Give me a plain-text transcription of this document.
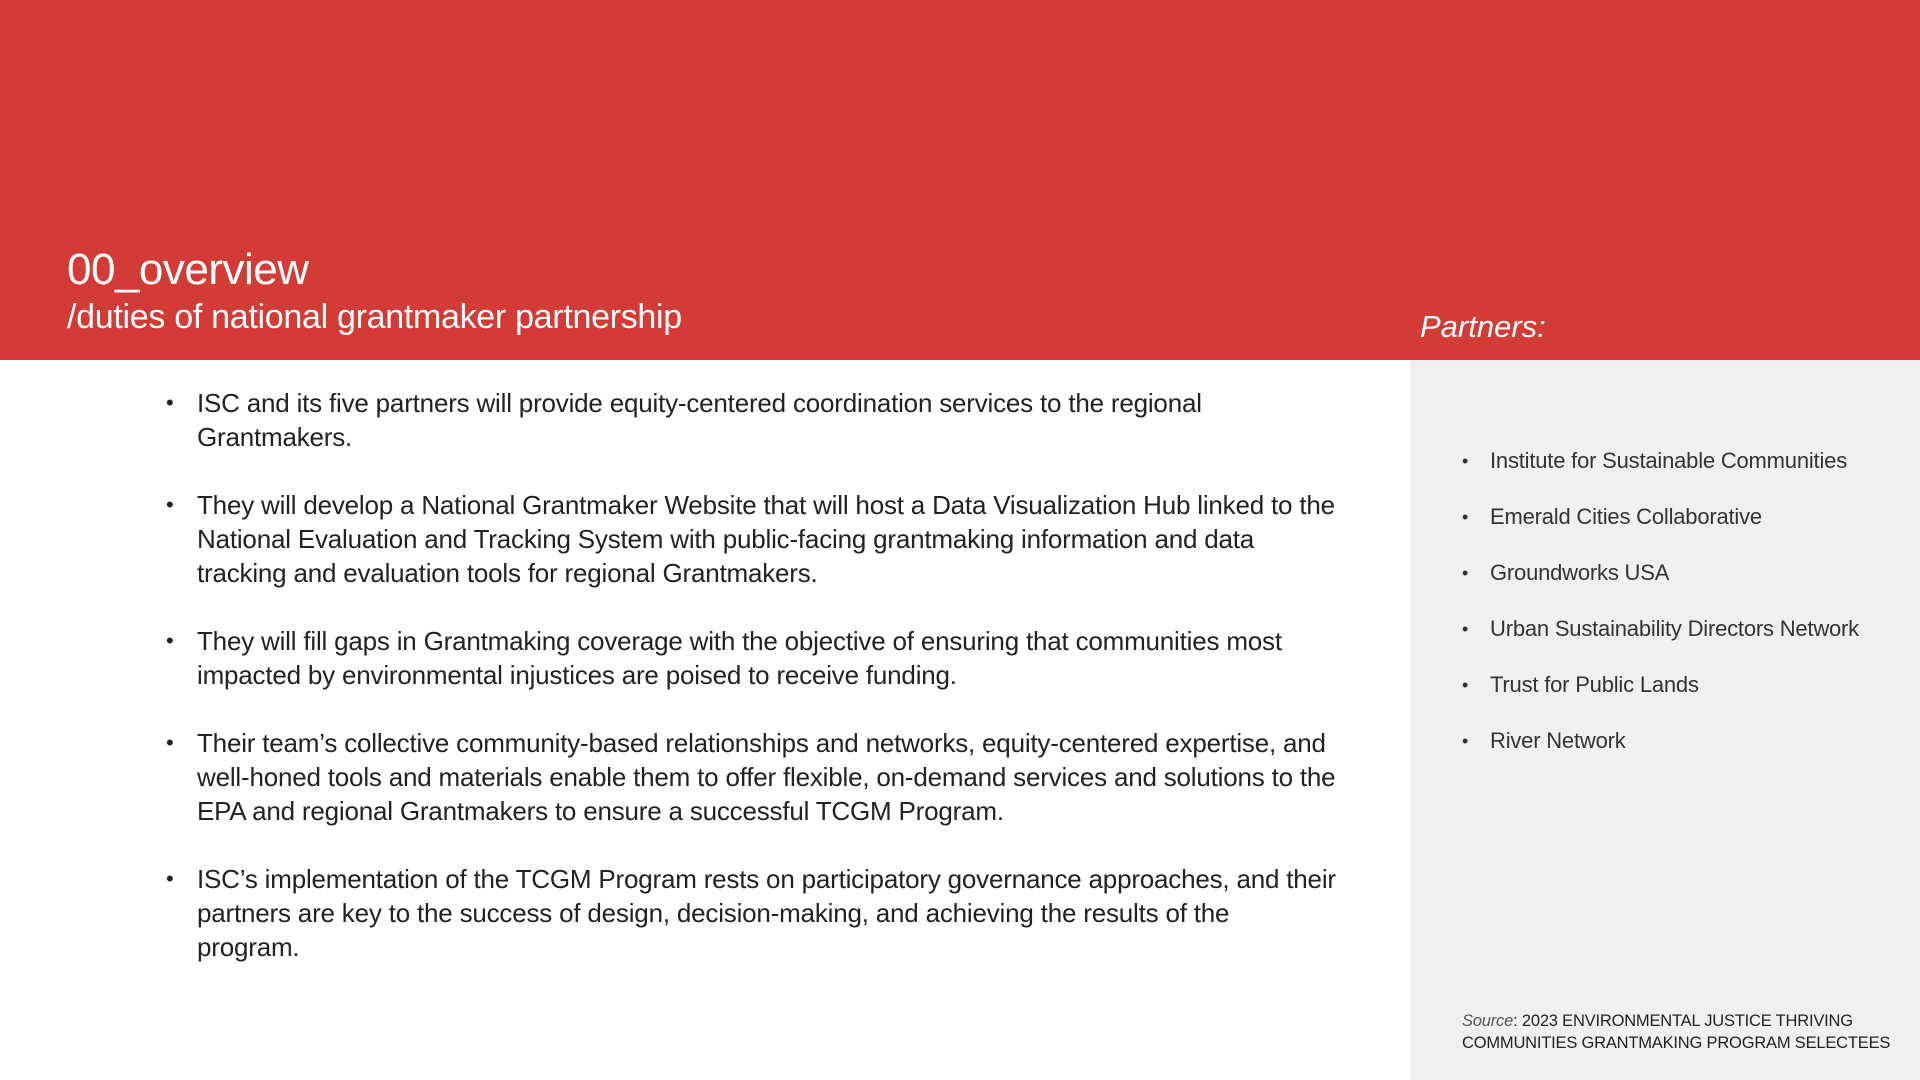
00_overview
/duties of national grantmaker partnership	Partners:
• ISC and its five partners will provide equity-centered coordination services to the regional Grantmakers.
• They will develop a National Grantmaker Website that will host a Data Visualization Hub linked to the National Evaluation and Tracking System with public-facing grantmaking information and data tracking and evaluation tools for regional Grantmakers.
• They will fill gaps in Grantmaking coverage with the objective of ensuring that communities most impacted by environmental injustices are poised to receive funding.
• Their team’s collective community-based relationships and networks, equity-centered expertise, and well-honed tools and materials enable them to offer flexible, on-demand services and solutions to the EPA and regional Grantmakers to ensure a successful TCGM Program.
• ISC’s implementation of the TCGM Program rests on participatory governance approaches, and their partners are key to the success of design, decision-making, and achieving the results of the program.
• Institute for Sustainable Communities
• Emerald Cities Collaborative
• Groundworks USA
• Urban Sustainability Directors Network
• Trust for Public Lands
• River Network
Source: 2023 ENVIRONMENTAL JUSTICE THRIVING COMMUNITIES GRANTMAKING PROGRAM SELECTEES
